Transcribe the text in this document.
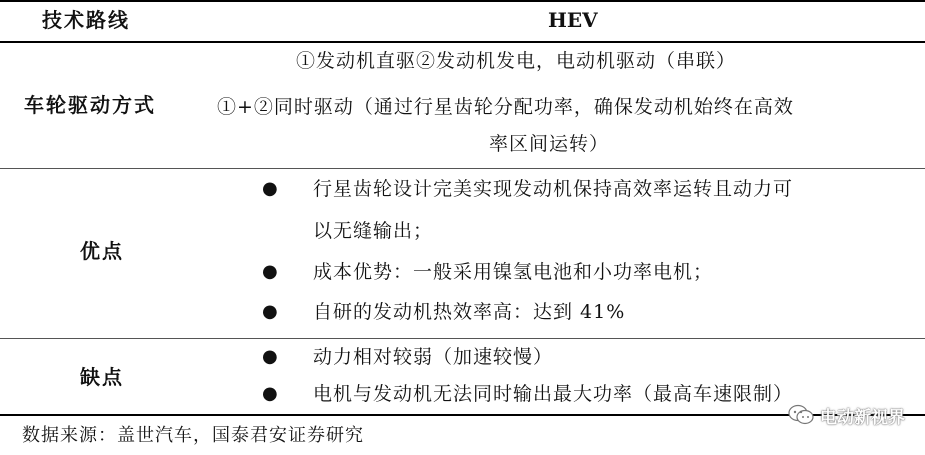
技术路线	HEV
车轮驱动方式
①发动机直驱②发动机发电，电动机驱动（串联）
①+②同时驱动（通过行星齿轮分配功率，确保发动机始终在高效
率区间运转）
优点
● 行星齿轮设计完美实现发动机保持高效率运转且动力可
以无缝输出；
● 成本优势：一般采用镍氢电池和小功率电机；
● 自研的发动机热效率高：达到 41%
缺点
● 动力相对较弱（加速较慢）
● 电机与发动机无法同时输出最大功率（最高车速限制）
数据来源：盖世汽车，国泰君安证券研究
电动新视界
